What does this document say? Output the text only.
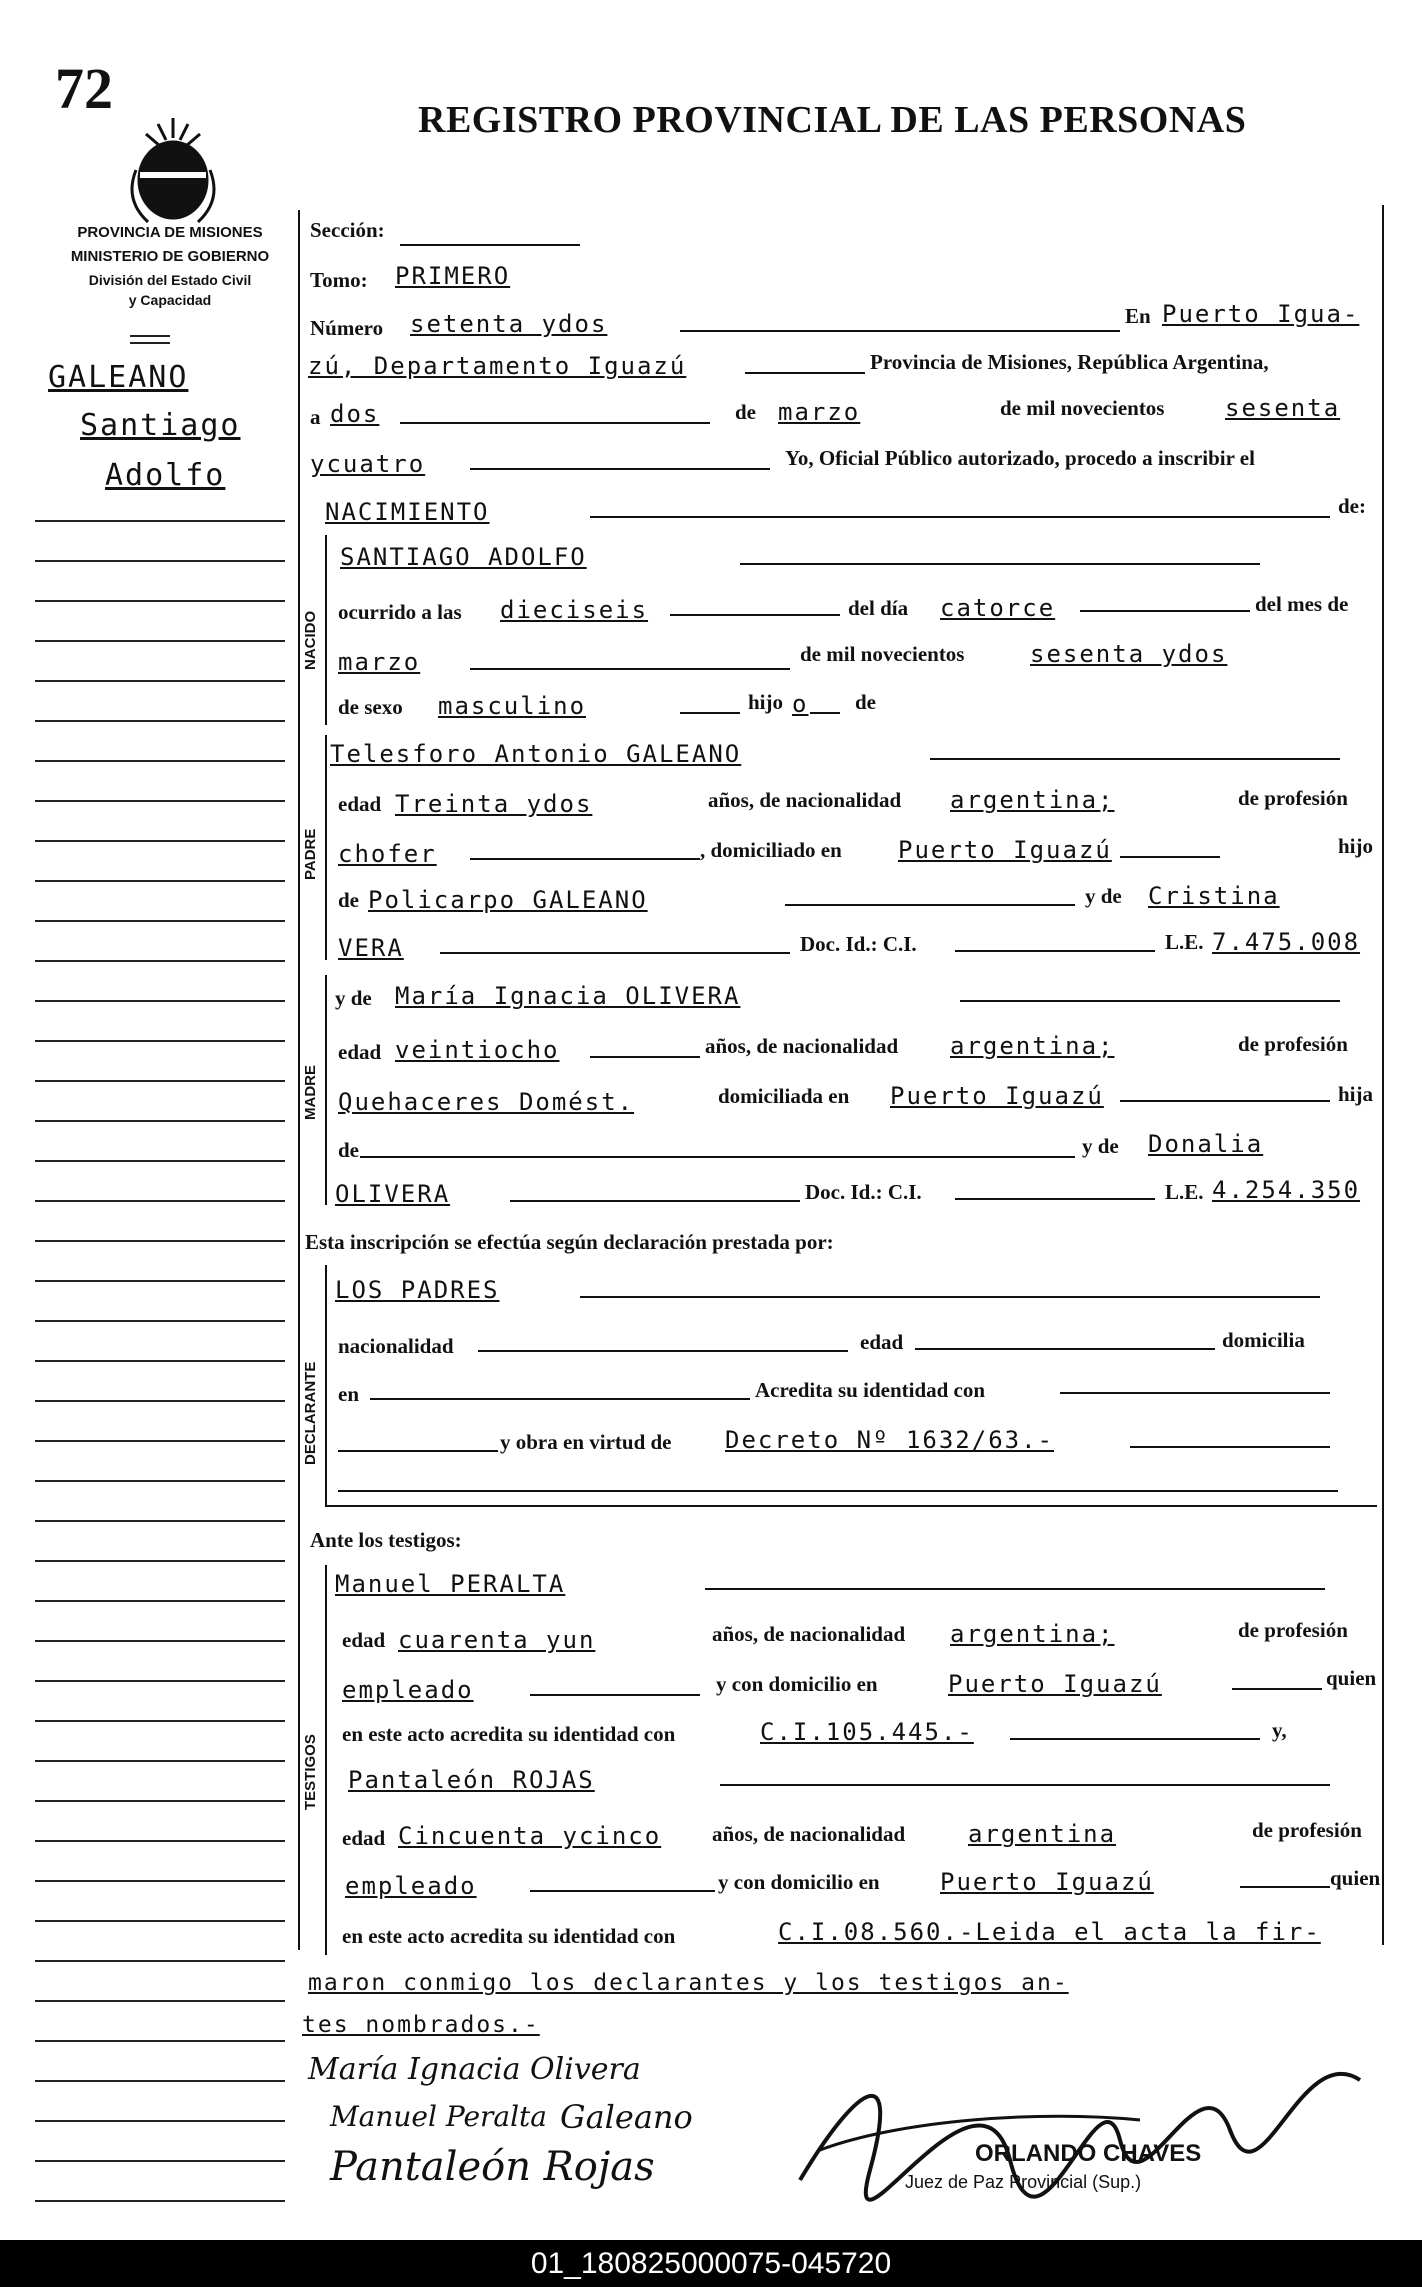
72	REGISTRO PROVINCIAL DE LAS PERSONAS
PROVINCIA DE MISIONES
MINISTERIO DE GOBIERNO
División del Estado Civil
y Capacidad
GALEANO
Santiago
Adolfo
Sección:
Tomo: PRIMERO
Número setenta ydos	En Puerto Igua-
zú, Departamento Iguazú	Provincia de Misiones, República Argentina,
a dos	de marzo	de mil novecientos	sesenta
ycuatro	Yo, Oficial Público autorizado, procedo a inscribir el
NACIMIENTO	de:
NACIDO
SANTIAGO ADOLFO
ocurrido a las dieciseis	del día catorce	del mes de
marzo	de mil novecientos	sesenta ydos
de sexo masculino	hijo o de
PADRE
Telesforo Antonio GALEANO
edad Treinta ydos	años, de nacionalidad argentina;	de profesión
chofer	, domiciliado en Puerto Iguazú	hijo
de Policarpo GALEANO	y de Cristina
VERA	Doc. Id.: C.I.	L.E. 7.475.008
MADRE
y de María Ignacia OLIVERA
edad veintiocho	años, de nacionalidad argentina;	de profesión
Quehaceres Domést.	domiciliada en Puerto Iguazú	hija
de	y de Donalia
OLIVERA	Doc. Id.: C.I.	L.E. 4.254.350
Esta inscripción se efectúa según declaración prestada por:
DECLARANTE
LOS PADRES
nacionalidad	edad	domicilia
en	Acredita su identidad con
y obra en virtud de Decreto Nº 1632/63.-
Ante los testigos:
TESTIGOS
Manuel PERALTA
edad cuarenta yun	años, de nacionalidad argentina;	de profesión
empleado	y con domicilio en	Puerto Iguazú	quien
en este acto acredita su identidad con	C.I.105.445.-	y,
Pantaleón ROJAS
edad Cincuenta ycinco años, de nacionalidad	argentina	de profesión
empleado	y con domicilio en	Puerto Iguazú	quien
en este acto acredita su identidad con	C.I.08.560.-Leida el acta la fir-
maron conmigo los declarantes y los testigos an-
tes nombrados.-
María Ignacia Olivera
Manuel Peralta Galeano
Pantaleón Rojas	ORLANDO CHAVES
Juez de Paz Provincial (Sup.)
01_180825000075-045720
